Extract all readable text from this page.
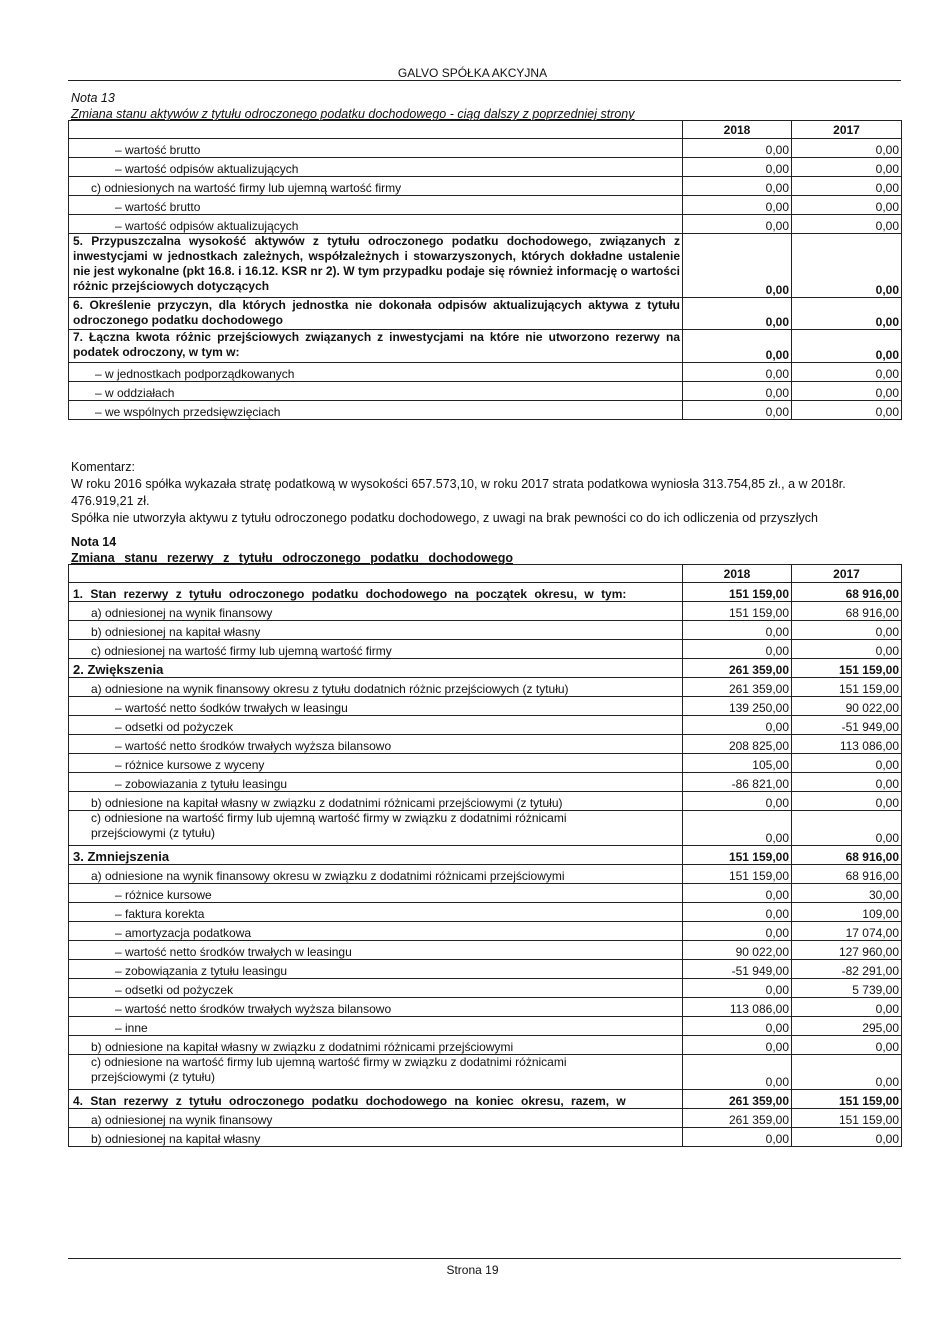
GALVO SPÓŁKA AKCYJNA
Nota 13
Zmiana stanu aktywów z tytułu odroczonego podatku dochodowego - ciąg dalszy z poprzedniej strony
	2018	2017
– wartość brutto	0,00	0,00
– wartość odpisów aktualizujących	0,00	0,00
c) odniesionych na wartość firmy lub ujemną wartość firmy	0,00	0,00
– wartość brutto	0,00	0,00
– wartość odpisów aktualizujących	0,00	0,00
5. Przypuszczalna wysokość aktywów z tytułu odroczonego podatku dochodowego, związanych z inwestycjami w jednostkach zależnych, współzależnych i stowarzyszonych, których dokładne ustalenie nie jest wykonalne (pkt 16.8. i 16.12. KSR nr 2). W tym przypadku podaje się również informację o wartości różnic przejściowych dotyczących	0,00	0,00
6. Określenie przyczyn, dla których jednostka nie dokonała odpisów aktualizujących aktywa z tytułu odroczonego podatku dochodowego	0,00	0,00
7. Łączna kwota różnic przejściowych związanych z inwestycjami na które nie utworzono rezerwy na podatek odroczony, w tym w:	0,00	0,00
– w jednostkach podporządkowanych	0,00	0,00
– w oddziałach	0,00	0,00
– we wspólnych przedsięwzięciach	0,00	0,00

Komentarz:

W roku 2016 spółka wykazała stratę podatkową w wysokości 657.573,10, w roku 2017 strata podatkowa wyniosła 313.754,85 zł., a w 2018r. 476.919,21 zł.

Spółka nie utworzyła aktywu z tytułu odroczonego podatku dochodowego, z uwagi na brak pewności co do ich odliczenia od przyszłych

Nota 14
Zmiana stanu rezerwy z tytułu odroczonego podatku dochodowego
	2018	2017
1. Stan rezerwy z tytułu odroczonego podatku dochodowego na początek okresu, w tym:	151 159,00	68 916,00
a) odniesionej na wynik finansowy	151 159,00	68 916,00
b) odniesionej na kapitał własny	0,00	0,00
c) odniesionej na wartość firmy lub ujemną wartość firmy	0,00	0,00
2. Zwiększenia	261 359,00	151 159,00
a) odniesione na wynik finansowy okresu z tytułu dodatnich różnic przejściowych (z tytułu)	261 359,00	151 159,00
– wartość netto śodków trwałych w leasingu	139 250,00	90 022,00
– odsetki od pożyczek	0,00	-51 949,00
– wartość netto środków trwałych wyższa bilansowo	208 825,00	113 086,00
– różnice kursowe z wyceny	105,00	0,00
– zobowiazania z tytułu leasingu	-86 821,00	0,00
b) odniesione na kapitał własny w związku z dodatnimi różnicami przejściowymi (z tytułu)	0,00	0,00
c) odniesione na wartość firmy lub ujemną wartość firmy w związku z dodatnimi różnicami przejściowymi (z tytułu)	0,00	0,00
3. Zmniejszenia	151 159,00	68 916,00
a) odniesione na wynik finansowy okresu w związku z dodatnimi różnicami przejściowymi	151 159,00	68 916,00
– różnice kursowe	0,00	30,00
– faktura korekta	0,00	109,00
– amortyzacja podatkowa	0,00	17 074,00
– wartość netto środków trwałych w leasingu	90 022,00	127 960,00
– zobowiązania z tytułu leasingu	-51 949,00	-82 291,00
– odsetki od pożyczek	0,00	5 739,00
– wartość netto środków trwałych wyższa bilansowo	113 086,00	0,00
– inne	0,00	295,00
b) odniesione na kapitał własny w związku z dodatnimi różnicami przejściowymi	0,00	0,00
c) odniesione na wartość firmy lub ujemną wartość firmy w związku z dodatnimi różnicami przejściowymi (z tytułu)	0,00	0,00
4. Stan rezerwy z tytułu odroczonego podatku dochodowego na koniec okresu, razem, w	261 359,00	151 159,00
a) odniesionej na wynik finansowy	261 359,00	151 159,00
b) odniesionej na kapitał własny	0,00	0,00
Strona 19
